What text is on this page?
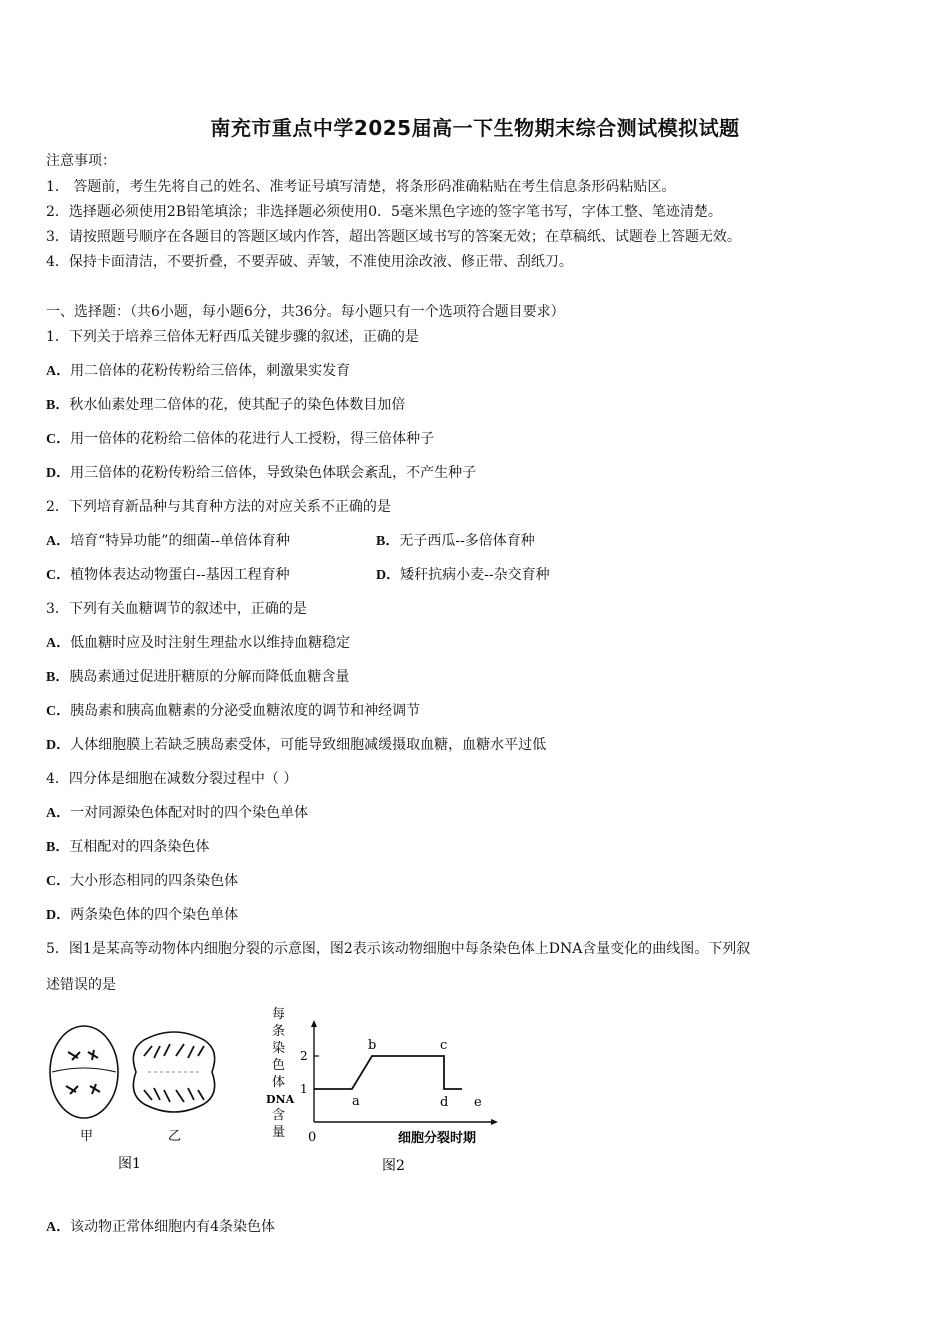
南充市重点中学2025届高一下生物期末综合测试模拟试题
注意事项：
1． 答题前，考生先将自己的姓名、准考证号填写清楚，将条形码准确粘贴在考生信息条形码粘贴区。
2．选择题必须使用2B铅笔填涂；非选择题必须使用0．5毫米黑色字迹的签字笔书写，字体工整、笔迹清楚。
3．请按照题号顺序在各题目的答题区域内作答，超出答题区域书写的答案无效；在草稿纸、试题卷上答题无效。
4．保持卡面清洁，不要折叠，不要弄破、弄皱，不准使用涂改液、修正带、刮纸刀。
一、选择题：（共6小题，每小题6分，共36分。每小题只有一个选项符合题目要求）
1．下列关于培养三倍体无籽西瓜关键步骤的叙述，正确的是
A．用二倍体的花粉传粉给三倍体，刺激果实发育
B．秋水仙素处理二倍体的花，使其配子的染色体数目加倍
C．用一倍体的花粉给二倍体的花进行人工授粉，得三倍体种子
D．用三倍体的花粉传粉给三倍体，导致染色体联会紊乱，不产生种子
2．下列培育新品种与其育种方法的对应关系不正确的是
A．培育“特异功能”的细菌--单倍体育种	B．无子西瓜--多倍体育种
C．植物体表达动物蛋白--基因工程育种	D．矮秆抗病小麦--杂交育种
3．下列有关血糖调节的叙述中，正确的是
A．低血糖时应及时注射生理盐水以维持血糖稳定
B．胰岛素通过促进肝糖原的分解而降低血糖含量
C．胰岛素和胰高血糖素的分泌受血糖浓度的调节和神经调节
D．人体细胞膜上若缺乏胰岛素受体，可能导致细胞减缓摄取血糖，血糖水平过低
4．四分体是细胞在减数分裂过程中（ ）
A．一对同源染色体配对时的四个染色单体
B．互相配对的四条染色体
C．大小形态相同的四条染色体
D．两条染色体的四个染色单体
5．图1是某高等动物体内细胞分裂的示意图，图2表示该动物细胞中每条染色体上DNA含量变化的曲线图。下列叙
述错误的是
甲	乙
图1
每
条
染
色
体
DNA
含
量 0	细胞分裂时期
1
2
a
b	c
d e
图2
A．该动物正常体细胞内有4条染色体
